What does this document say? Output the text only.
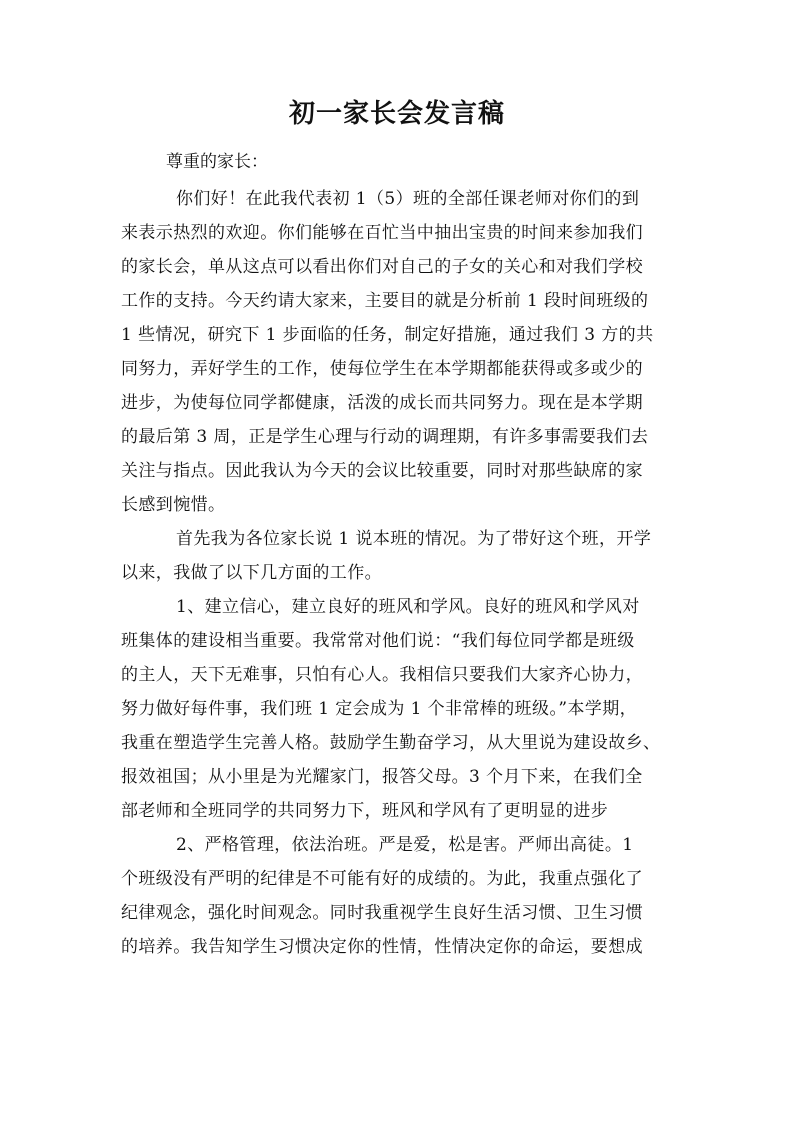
初一家长会发言稿
尊重的家长：
你们好！在此我代表初 1（5）班的全部任课老师对你们的到
来表示热烈的欢迎。你们能够在百忙当中抽出宝贵的时间来参加我们
的家长会，单从这点可以看出你们对自己的子女的关心和对我们学校
工作的支持。今天约请大家来，主要目的就是分析前 1 段时间班级的
1 些情况，研究下 1 步面临的任务，制定好措施，通过我们 3 方的共
同努力，弄好学生的工作，使每位学生在本学期都能获得或多或少的
进步，为使每位同学都健康，活泼的成长而共同努力。现在是本学期
的最后第 3 周，正是学生心理与行动的调理期，有许多事需要我们去
关注与指点。因此我认为今天的会议比较重要，同时对那些缺席的家
长感到惋惜。
首先我为各位家长说 1 说本班的情况。为了带好这个班，开学
以来，我做了以下几方面的工作。
1、建立信心，建立良好的班风和学风。良好的班风和学风对
班集体的建设相当重要。我常常对他们说：“我们每位同学都是班级
的主人，天下无难事，只怕有心人。我相信只要我们大家齐心协力，
努力做好每件事，我们班 1 定会成为 1 个非常棒的班级。”本学期，
我重在塑造学生完善人格。鼓励学生勤奋学习，从大里说为建设故乡、
报效祖国；从小里是为光耀家门，报答父母。3 个月下来，在我们全
部老师和全班同学的共同努力下，班风和学风有了更明显的进步
2、严格管理，依法治班。严是爱，松是害。严师出高徒。1
个班级没有严明的纪律是不可能有好的成绩的。为此，我重点强化了
纪律观念，强化时间观念。同时我重视学生良好生活习惯、卫生习惯
的培养。我告知学生习惯决定你的性情，性情决定你的命运，要想成
